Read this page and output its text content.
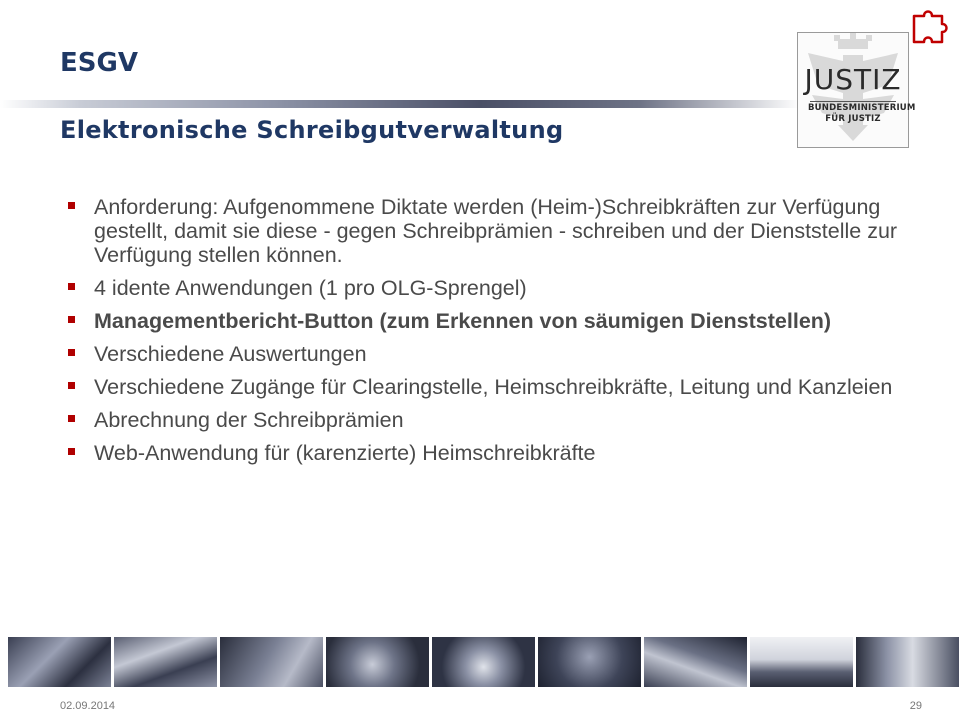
ESGV
Elektronische Schreibgutverwaltung
JUSTIZ
BUNDESMINISTERIUM
FÜR JUSTIZ
Anforderung: Aufgenommene Diktate werden (Heim-)Schreibkräften zur Verfügung gestellt, damit sie diese - gegen Schreibprämien - schreiben und der Dienststelle zur Verfügung stellen können.
4 idente Anwendungen (1 pro OLG-Sprengel)
Managementbericht-Button (zum Erkennen von säumigen Dienststellen)
Verschiedene Auswertungen
Verschiedene Zugänge für Clearingstelle, Heimschreibkräfte, Leitung und Kanzleien
Abrechnung der Schreibprämien
Web-Anwendung für (karenzierte) Heimschreibkräfte
02.09.2014	29
